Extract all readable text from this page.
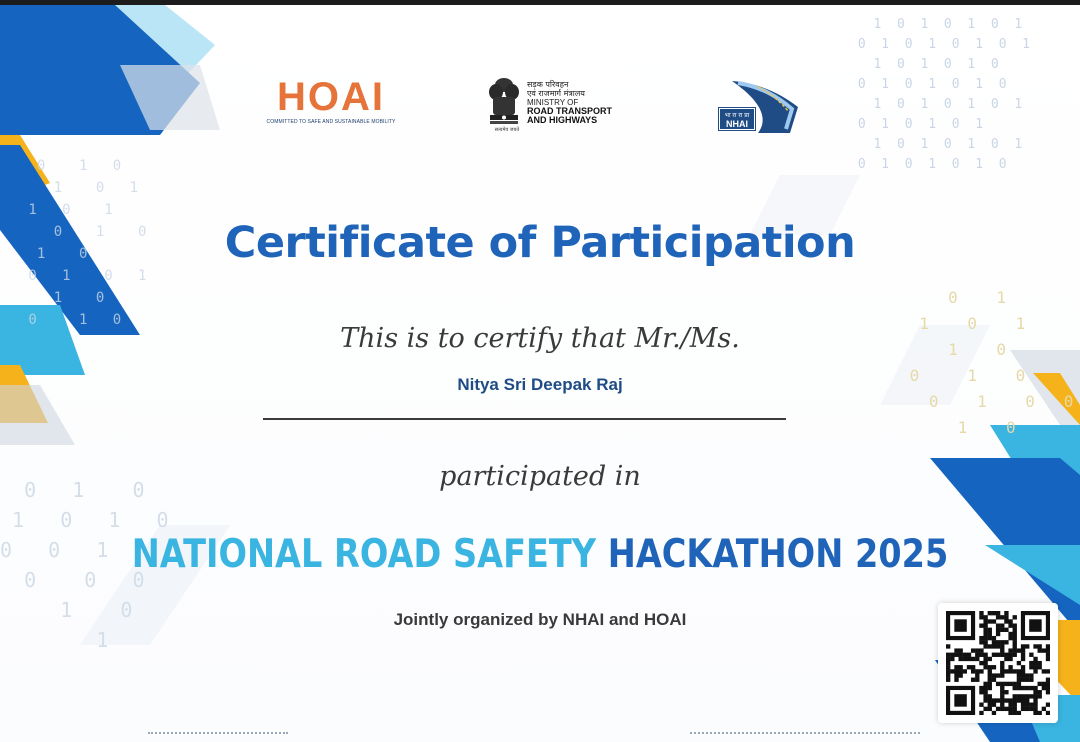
0    1   0
1    0   1
1   0    1
0    1    0
1    0
0   1    0   1
1    0
0     1   0
0   1    0
1   0   1   0
0   0   1
0    0   0
1    0
1
1  0  1  0  1  0  1
0  1  0  1  0  1  0  1
1  0  1  0  1  0
0  1  0  1  0  1  0
1  0  1  0  1  0  1
0  1  0  1  0  1
1  0  1  0  1  0  1
0  1  0  1  0  1  0
0    1
1    0    1
1    0
0     1    0
0    1    0   0
1    0
HOAI
COMMITTED TO SAFE AND SUSTAINABLE MOBILITY
सड़क परिवहन
एवं राजमार्ग मंत्रालय
MINISTRY OF
ROAD TRANSPORT
AND HIGHWAYS
सत्यमेव जयते
भा रा रा प्रा
NHAI
Certificate of Participation
This is to certify that Mr./Ms.
Nitya Sri Deepak Raj
participated in
NATIONAL ROAD SAFETY HACKATHON 2025
Jointly organized by NHAI and HOAI
